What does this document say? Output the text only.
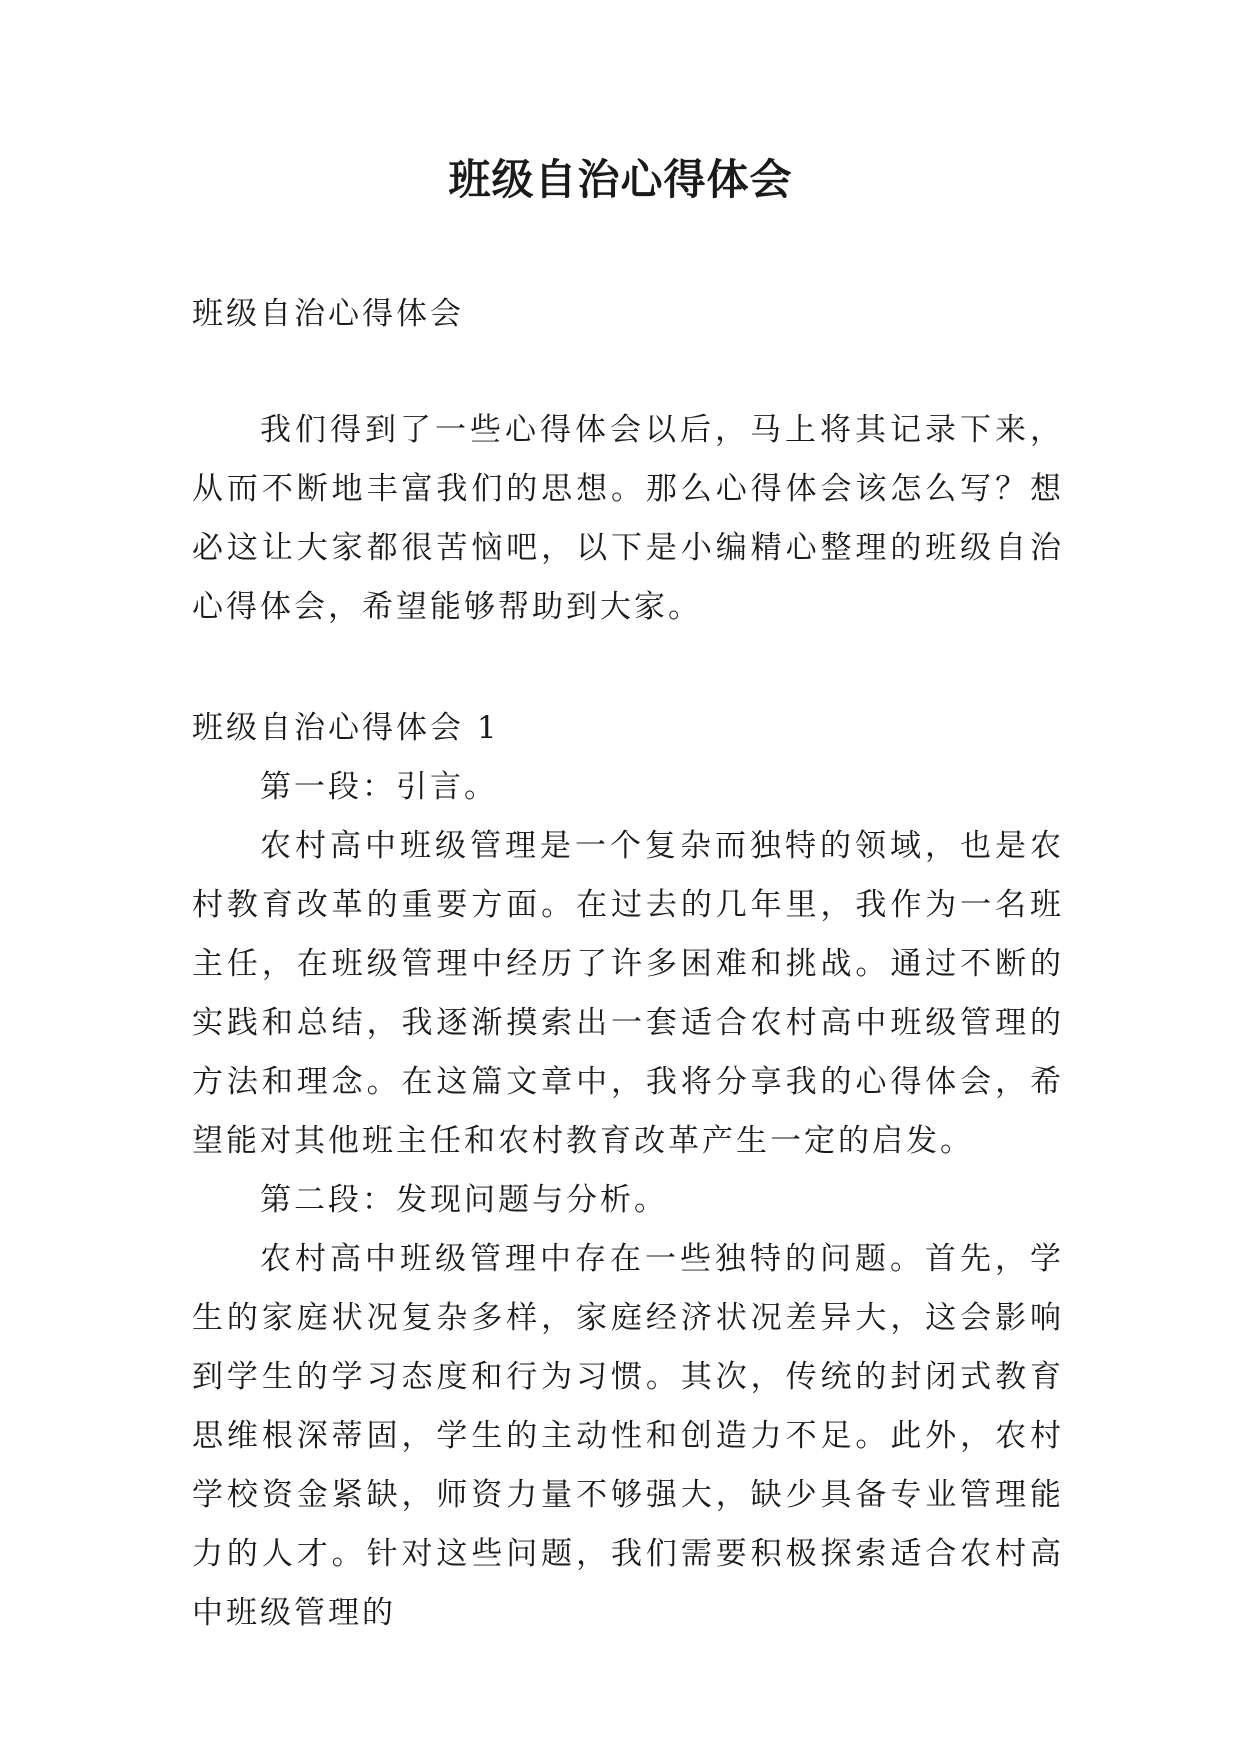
班级自治心得体会

班级自治心得体会

我们得到了一些心得体会以后，马上将其记录下来，从而不断地丰富我们的思想。那么心得体会该怎么写？想必这让大家都很苦恼吧，以下是小编精心整理的班级自治心得体会，希望能够帮助到大家。

班级自治心得体会 1

第一段：引言。

农村高中班级管理是一个复杂而独特的领域，也是农村教育改革的重要方面。在过去的几年里，我作为一名班主任，在班级管理中经历了许多困难和挑战。通过不断的实践和总结，我逐渐摸索出一套适合农村高中班级管理的方法和理念。在这篇文章中，我将分享我的心得体会，希望能对其他班主任和农村教育改革产生一定的启发。

第二段：发现问题与分析。

农村高中班级管理中存在一些独特的问题。首先，学生的家庭状况复杂多样，家庭经济状况差异大，这会影响到学生的学习态度和行为习惯。其次，传统的封闭式教育思维根深蒂固，学生的主动性和创造力不足。此外，农村学校资金紧缺，师资力量不够强大，缺少具备专业管理能力的人才。针对这些问题，我们需要积极探索适合农村高中班级管理的
